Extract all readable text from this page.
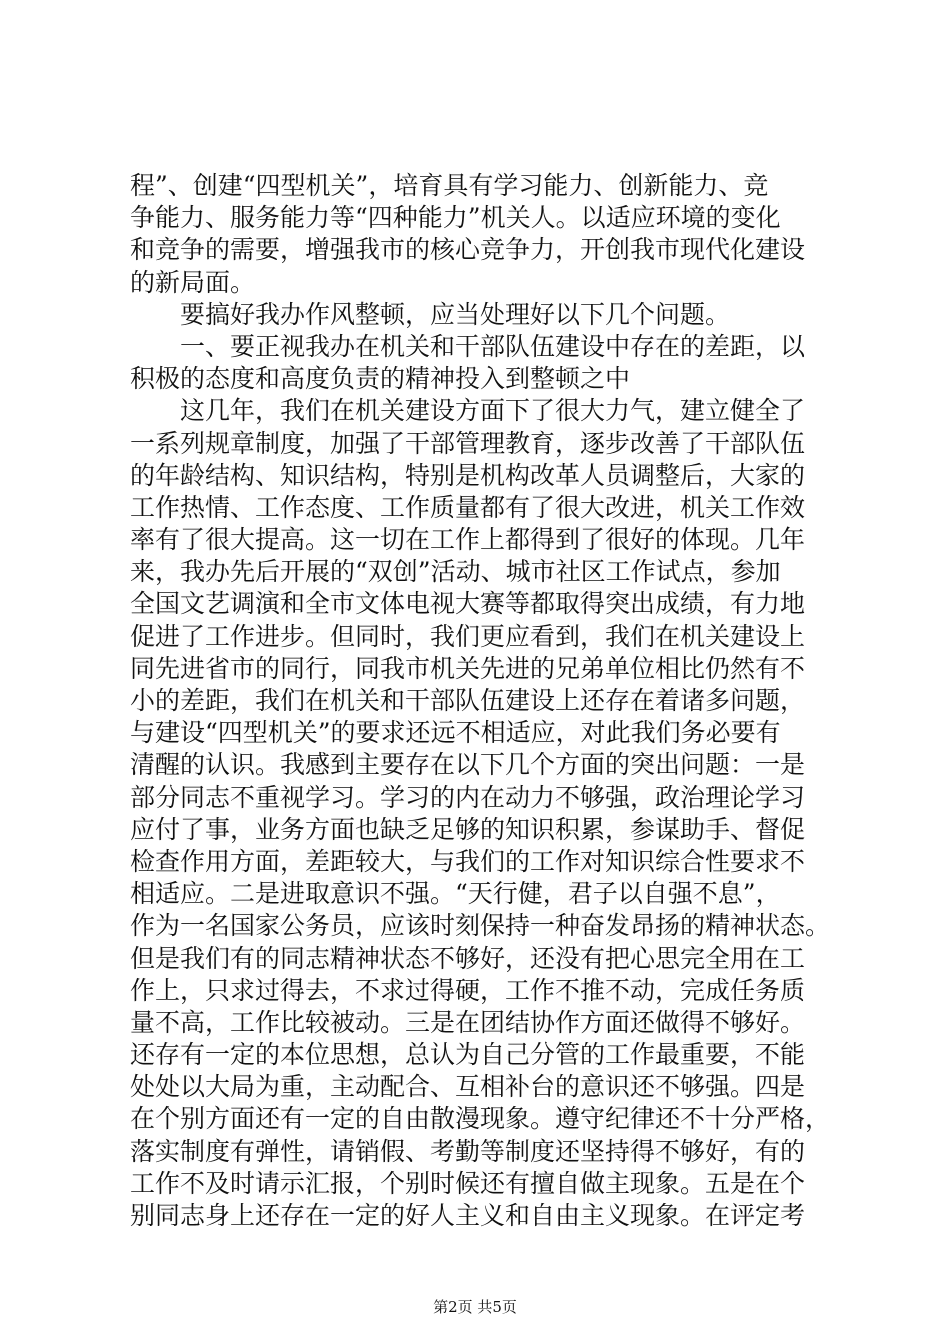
程”、创建“四型机关”，培育具有学习能力、创新能力、竞
争能力、服务能力等“四种能力”机关人。以适应环境的变化
和竞争的需要，增强我市的核心竞争力，开创我市现代化建设
的新局面。
　　要搞好我办作风整顿，应当处理好以下几个问题。
　　一、要正视我办在机关和干部队伍建设中存在的差距，以
积极的态度和高度负责的精神投入到整顿之中
　　这几年，我们在机关建设方面下了很大力气，建立健全了
一系列规章制度，加强了干部管理教育，逐步改善了干部队伍
的年龄结构、知识结构，特别是机构改革人员调整后，大家的
工作热情、工作态度、工作质量都有了很大改进，机关工作效
率有了很大提高。这一切在工作上都得到了很好的体现。几年
来，我办先后开展的“双创”活动、城市社区工作试点，参加
全国文艺调演和全市文体电视大赛等都取得突出成绩，有力地
促进了工作进步。但同时，我们更应看到，我们在机关建设上
同先进省市的同行，同我市机关先进的兄弟单位相比仍然有不
小的差距，我们在机关和干部队伍建设上还存在着诸多问题，
与建设“四型机关”的要求还远不相适应，对此我们务必要有
清醒的认识。我感到主要存在以下几个方面的突出问题：一是
部分同志不重视学习。学习的内在动力不够强，政治理论学习
应付了事，业务方面也缺乏足够的知识积累，参谋助手、督促
检查作用方面，差距较大，与我们的工作对知识综合性要求不
相适应。二是进取意识不强。“天行健，君子以自强不息”，
作为一名国家公务员，应该时刻保持一种奋发昂扬的精神状态。
但是我们有的同志精神状态不够好，还没有把心思完全用在工
作上，只求过得去，不求过得硬，工作不推不动，完成任务质
量不高，工作比较被动。三是在团结协作方面还做得不够好。
还存有一定的本位思想，总认为自己分管的工作最重要，不能
处处以大局为重，主动配合、互相补台的意识还不够强。四是
在个别方面还有一定的自由散漫现象。遵守纪律还不十分严格，
落实制度有弹性，请销假、考勤等制度还坚持得不够好，有的
工作不及时请示汇报，个别时候还有擅自做主现象。五是在个
别同志身上还存在一定的好人主义和自由主义现象。在评定考
第2页 共5页
